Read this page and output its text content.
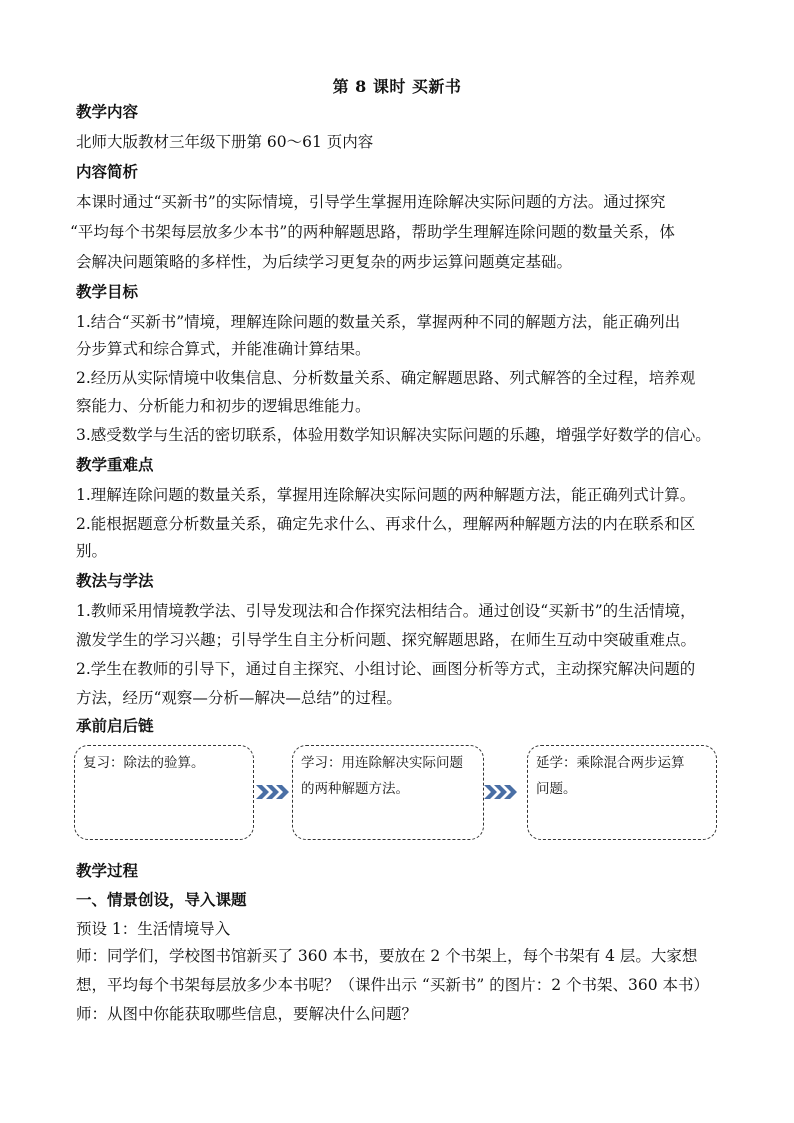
第 8 课时 买新书
教学内容
北师大版教材三年级下册第 60～61 页内容
内容简析
本课时通过“买新书”的实际情境，引导学生掌握用连除解决实际问题的方法。通过探究
“平均每个书架每层放多少本书”的两种解题思路，帮助学生理解连除问题的数量关系，体
会解决问题策略的多样性，为后续学习更复杂的两步运算问题奠定基础。
教学目标
1.结合“买新书”情境，理解连除问题的数量关系，掌握两种不同的解题方法，能正确列出
分步算式和综合算式，并能准确计算结果。
2.经历从实际情境中收集信息、分析数量关系、确定解题思路、列式解答的全过程，培养观
察能力、分析能力和初步的逻辑思维能力。
3.感受数学与生活的密切联系，体验用数学知识解决实际问题的乐趣，增强学好数学的信心。
教学重难点
1.理解连除问题的数量关系，掌握用连除解决实际问题的两种解题方法，能正确列式计算。
2.能根据题意分析数量关系，确定先求什么、再求什么，理解两种解题方法的内在联系和区
别。
教法与学法
1.教师采用情境教学法、引导发现法和合作探究法相结合。通过创设“买新书”的生活情境，
激发学生的学习兴趣；引导学生自主分析问题、探究解题思路，在师生互动中突破重难点。
2.学生在教师的引导下，通过自主探究、小组讨论、画图分析等方式，主动探究解决问题的
方法，经历“观察—分析—解决—总结”的过程。
承前启后链
复习：除法的验算。	学习：用连除解决实际问题
的两种解题方法。
延学：乘除混合两步运算
问题。
教学过程
一、情景创设，导入课题
预设 1：生活情境导入
师：同学们，学校图书馆新买了 360 本书，要放在 2 个书架上，每个书架有 4 层。大家想
想，平均每个书架每层放多少本书呢？（课件出示 “买新书” 的图片：2 个书架、360 本书）
师：从图中你能获取哪些信息，要解决什么问题？
